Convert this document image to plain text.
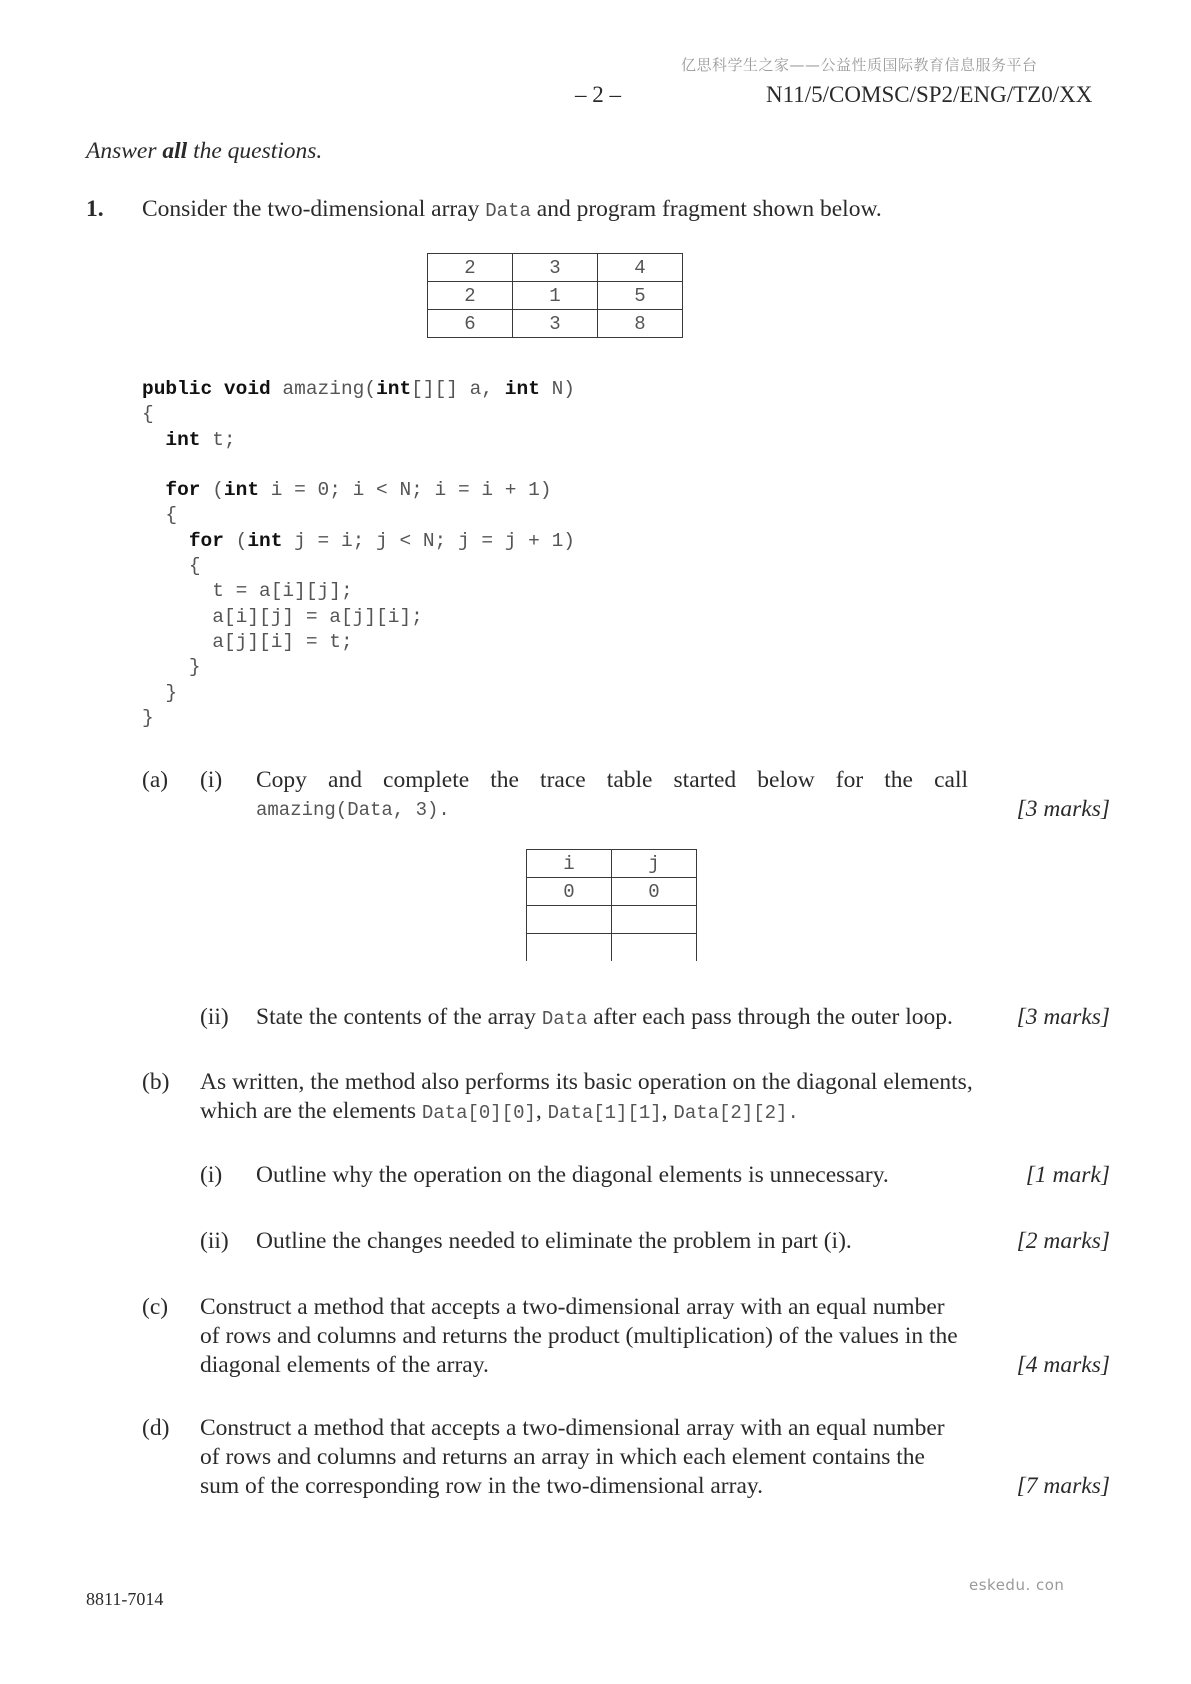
亿思科学生之家——公益性质国际教育信息服务平台
– 2 –	N11/5/COMSC/SP2/ENG/TZ0/XX
Answer all the questions.
1. Consider the two-dimensional array Data and program fragment shown below.
2	3	4
2	1	5
6	3	8
public void amazing(int[][] a, int N)
{
int t;

for (int i = 0; i < N; i = i + 1)
{
for (int j = i; j < N; j = j + 1)
{
t = a[i][j];
a[i][j] = a[j][i];
a[j][i] = t;
}
}
}
(a) (i) Copy and complete the trace table started below for the call
amazing(Data, 3).	[3 marks]
i	j
0	0

(ii) State the contents of the array Data after each pass through the outer loop.	[3 marks]
(b) As written, the method also performs its basic operation on the diagonal elements,
which are the elements Data[0][0], Data[1][1], Data[2][2].
(i) Outline why the operation on the diagonal elements is unnecessary.	[1 mark]
(ii) Outline the changes needed to eliminate the problem in part (i).	[2 marks]
(c) Construct a method that accepts a two-dimensional array with an equal number
of rows and columns and returns the product (multiplication) of the values in the
diagonal elements of the array.	[4 marks]
(d) Construct a method that accepts a two-dimensional array with an equal number
of rows and columns and returns an array in which each element contains the
sum of the corresponding row in the two-dimensional array.	[7 marks]
8811-7014
eskedu. con
